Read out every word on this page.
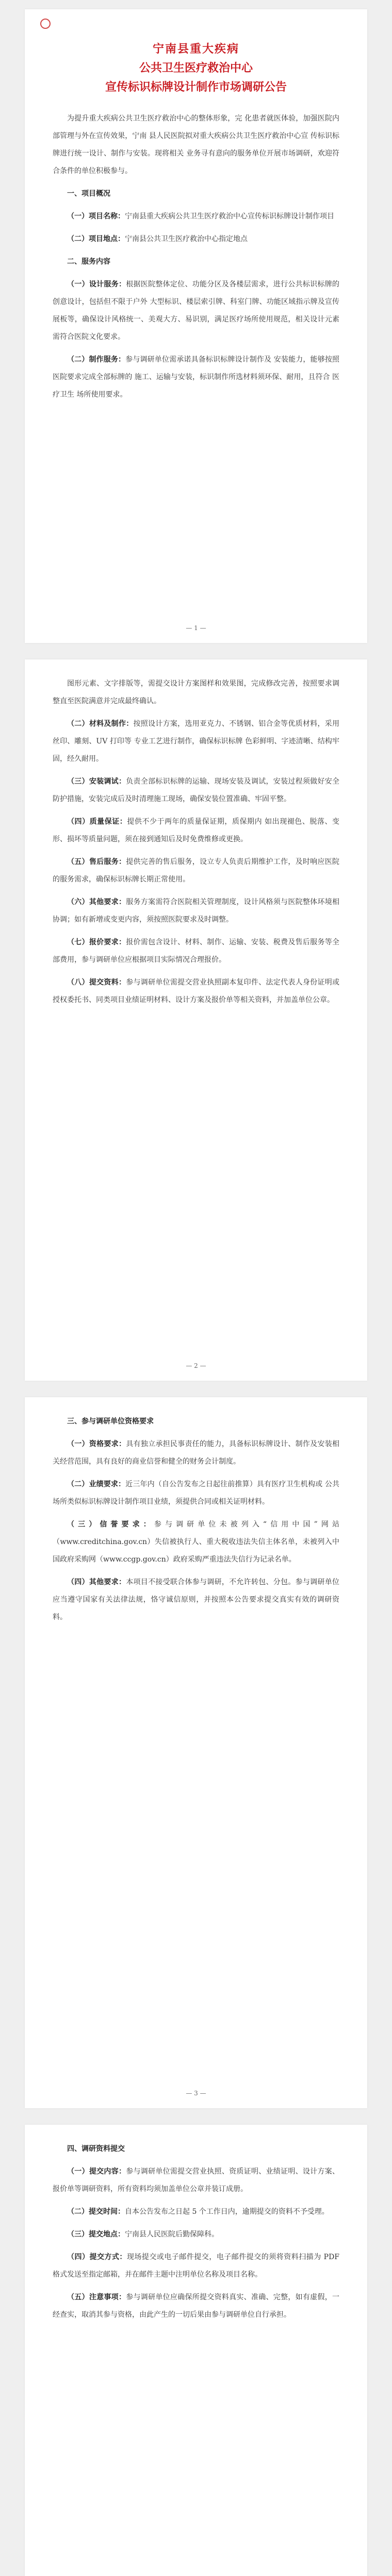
宁南县重大疾病

公共卫生医疗救治中心

宣传标识标牌设计制作市场调研公告

为提升重大疾病公共卫生医疗救治中心的整体形象，完 化患者就医体验，加强医院内部管理与外在宣传效果，宁南 县人民医院拟对重大疾病公共卫生医疗救治中心宣 传标识标牌进行统一设计、制作与安装。现将相关 业务寻有意向的服务单位开展市场调研，欢迎符合条件的单位积极参与。

一、项目概况

（一）项目名称：宁南县重大疾病公共卫生医疗救治中心宣传标识标牌设计制作项目

（二）项目地点：宁南县公共卫生医疗救治中心指定地点

二、服务内容

（一）设计服务：根据医院整体定位、功能分区及各楼层需求，进行公共标识标牌的创意设计，包括但不限于户外 大型标识、楼层索引牌、科室门牌、功能区域指示牌及宣传展板等，确保设计风格统一、美观大方、易识别，满足医疗场所使用规范，相关设计元素需符合医院文化要求。

（二）制作服务：参与调研单位需承诺具备标识标牌设计制作及 安装能力，能够按照医院要求完成全部标牌的 施工、运输与安装，标识制作所选材料须环保、耐用，且符合 医疗卫生 场所使用要求。

— 1 —

图形元素、文字排版等，需提交设计方案图样和效果图，完成修改完善，按照要求调整直至医院满意并完成最终确认。

（二）材料及制作：按照设计方案，选用亚克力、不锈钢、铝合金等优质材料，采用丝印、雕刻、UV 打印等 专业工艺进行制作，确保标识标牌 色彩鲜明、字迹清晰、结构牢固，经久耐用。

（三）安装调试：负责全部标识标牌的运输、现场安装及调试，安装过程须做好安全防护措施，安装完成后及时清理施工现场，确保安装位置准确、牢固平整。

（四）质量保证：提供不少于两年的质量保证期，质保期内 如出现褪色、脱落、变形、损坏等质量问题，须在接到通知后及时免费维修或更换。

（五）售后服务：提供完善的售后服务，设立专人负责后期维护工作，及时响应医院的服务需求，确保标识标牌长期正常使用。

（六）其他要求：服务方案需符合医院相关管理制度，设计风格须与医院整体环境相协调；如有新增或变更内容，须按照医院要求及时调整。

（七）报价要求：报价需包含设计、材料、制作、运输、安装、税费及售后服务等全部费用，参与调研单位应根据项目实际情况合理报价。

（八）提交资料：参与调研单位需提交营业执照副本复印件、法定代表人身份证明或授权委托书、同类项目业绩证明材料、设计方案及报价单等相关资料，并加盖单位公章。

— 2 —

三、参与调研单位资格要求

（一）资格要求：具有独立承担民事责任的能力，具备标识标牌设计、制作及安装相关经营范围，具有良好的商业信誉和健全的财务会计制度。

（二）业绩要求：近三年内（自公告发布之日起往前推算）具有医疗卫生机构或 公共场所类似标识标牌设计制作项目业绩，须提供合同或相关证明材料。

（三）信誉要求：参与调研单位未被列入“信用中国”网站（www.creditchina.gov.cn）失信被执行人、重大税收违法失信主体名单，未被列入中国政府采购网（www.ccgp.gov.cn）政府采购严重违法失信行为记录名单。

（四）其他要求：本项目不接受联合体参与调研，不允许转包、分包。参与调研单位应当遵守国家有关法律法规，恪守诚信原则，并按照本公告要求提交真实有效的调研资料。

— 3 —

四、调研资料提交

（一）提交内容：参与调研单位需提交营业执照、资质证明、业绩证明、设计方案、报价单等调研资料，所有资料均须加盖单位公章并装订成册。

（二）提交时间：自本公告发布之日起 5 个工作日内，逾期提交的资料不予受理。

（三）提交地点：宁南县人民医院后勤保障科。

（四）提交方式：现场提交或电子邮件提交，电子邮件提交的须将资料扫描为 PDF 格式发送至指定邮箱，并在邮件主题中注明单位名称及项目名称。

（五）注意事项：参与调研单位应确保所提交资料真实、准确、完整，如有虚假，一经查实，取消其参与资格，由此产生的一切后果由参与调研单位自行承担。
